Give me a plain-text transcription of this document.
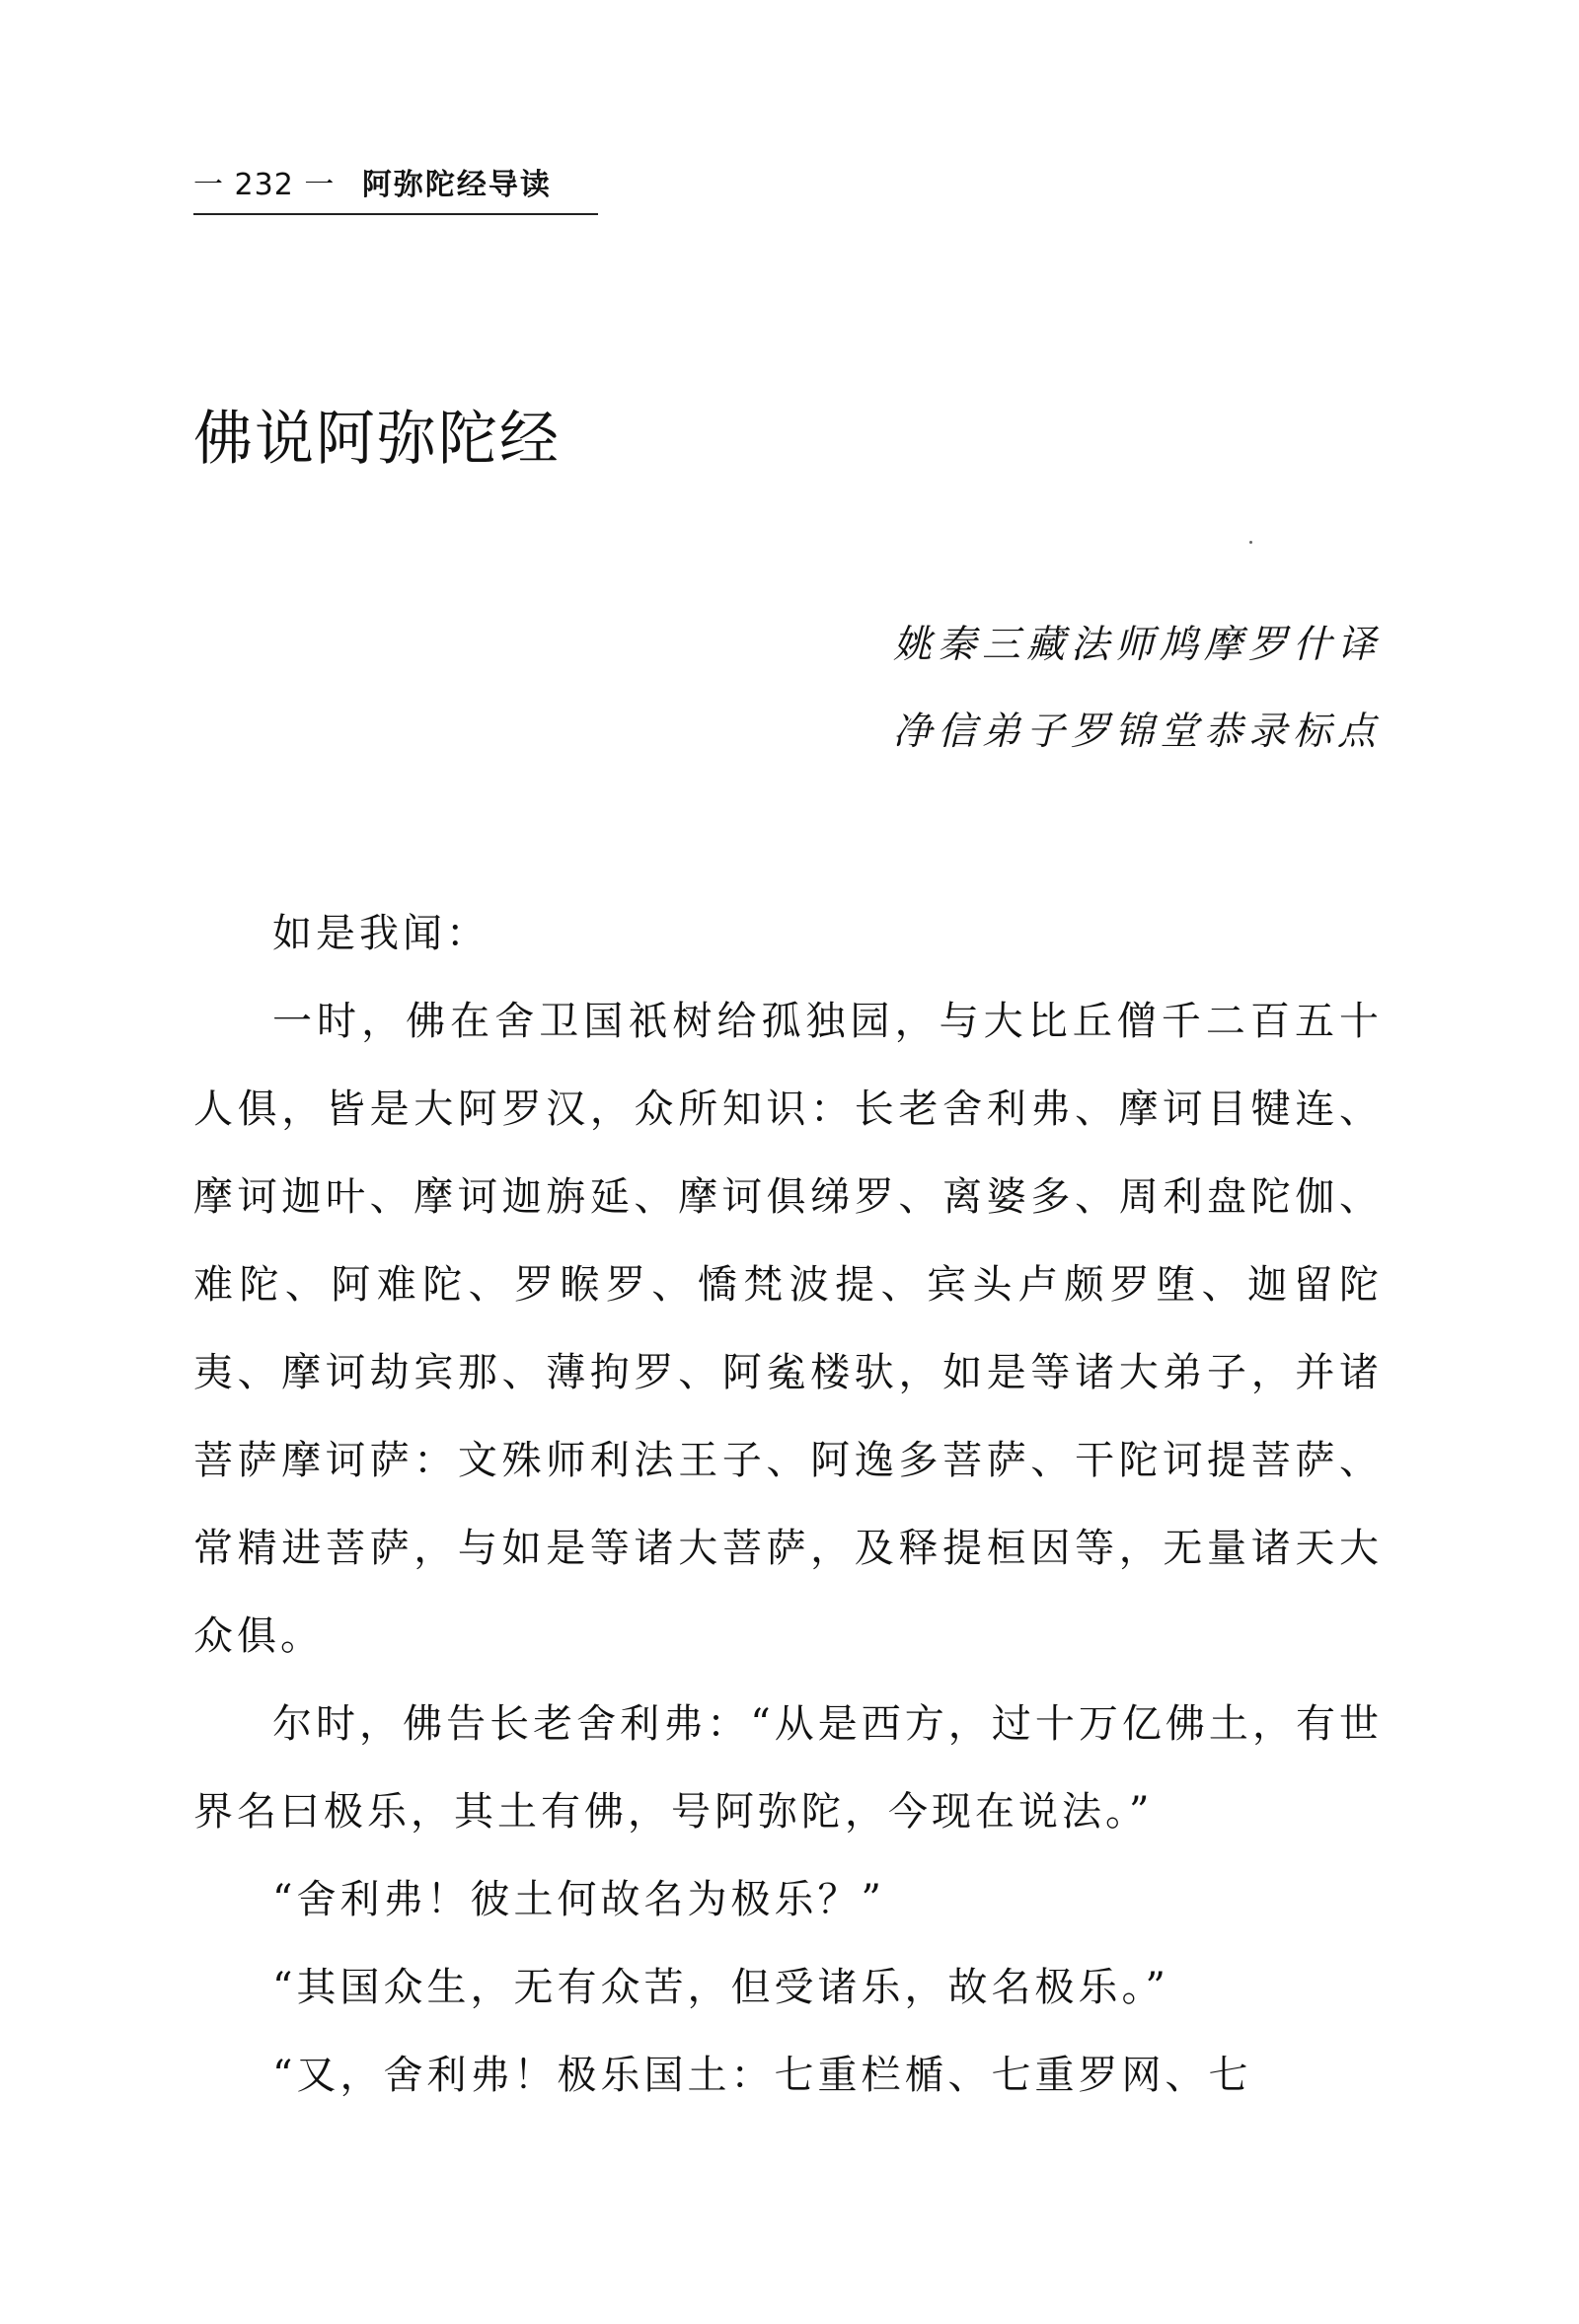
一 232 一 阿弥陀经导读
佛说阿弥陀经
姚秦三藏法师鸠摩罗什译
净信弟子罗锦堂恭录标点

如是我闻：

一时，佛在舍卫国祇树给孤独园，与大比丘僧千二百五十人俱，皆是大阿罗汉，众所知识：长老舍利弗、摩诃目犍连、摩诃迦叶、摩诃迦旃延、摩诃俱绨罗、离婆多、周利盘陀伽、难陀、阿难陀、罗睺罗、憍梵波提、宾头卢颇罗堕、迦留陀夷、摩诃劫宾那、薄拘罗、阿㝹楼驮，如是等诸大弟子，并诸菩萨摩诃萨：文殊师利法王子、阿逸多菩萨、干陀诃提菩萨、常精进菩萨，与如是等诸大菩萨，及释提桓因等，无量诸天大众俱。

尔时，佛告长老舍利弗：“从是西方，过十万亿佛土，有世界名曰极乐，其土有佛，号阿弥陀，今现在说法。”

“舍利弗！彼土何故名为极乐？”

“其国众生，无有众苦，但受诸乐，故名极乐。”

“又，舍利弗！极乐国土：七重栏楯、七重罗网、七
